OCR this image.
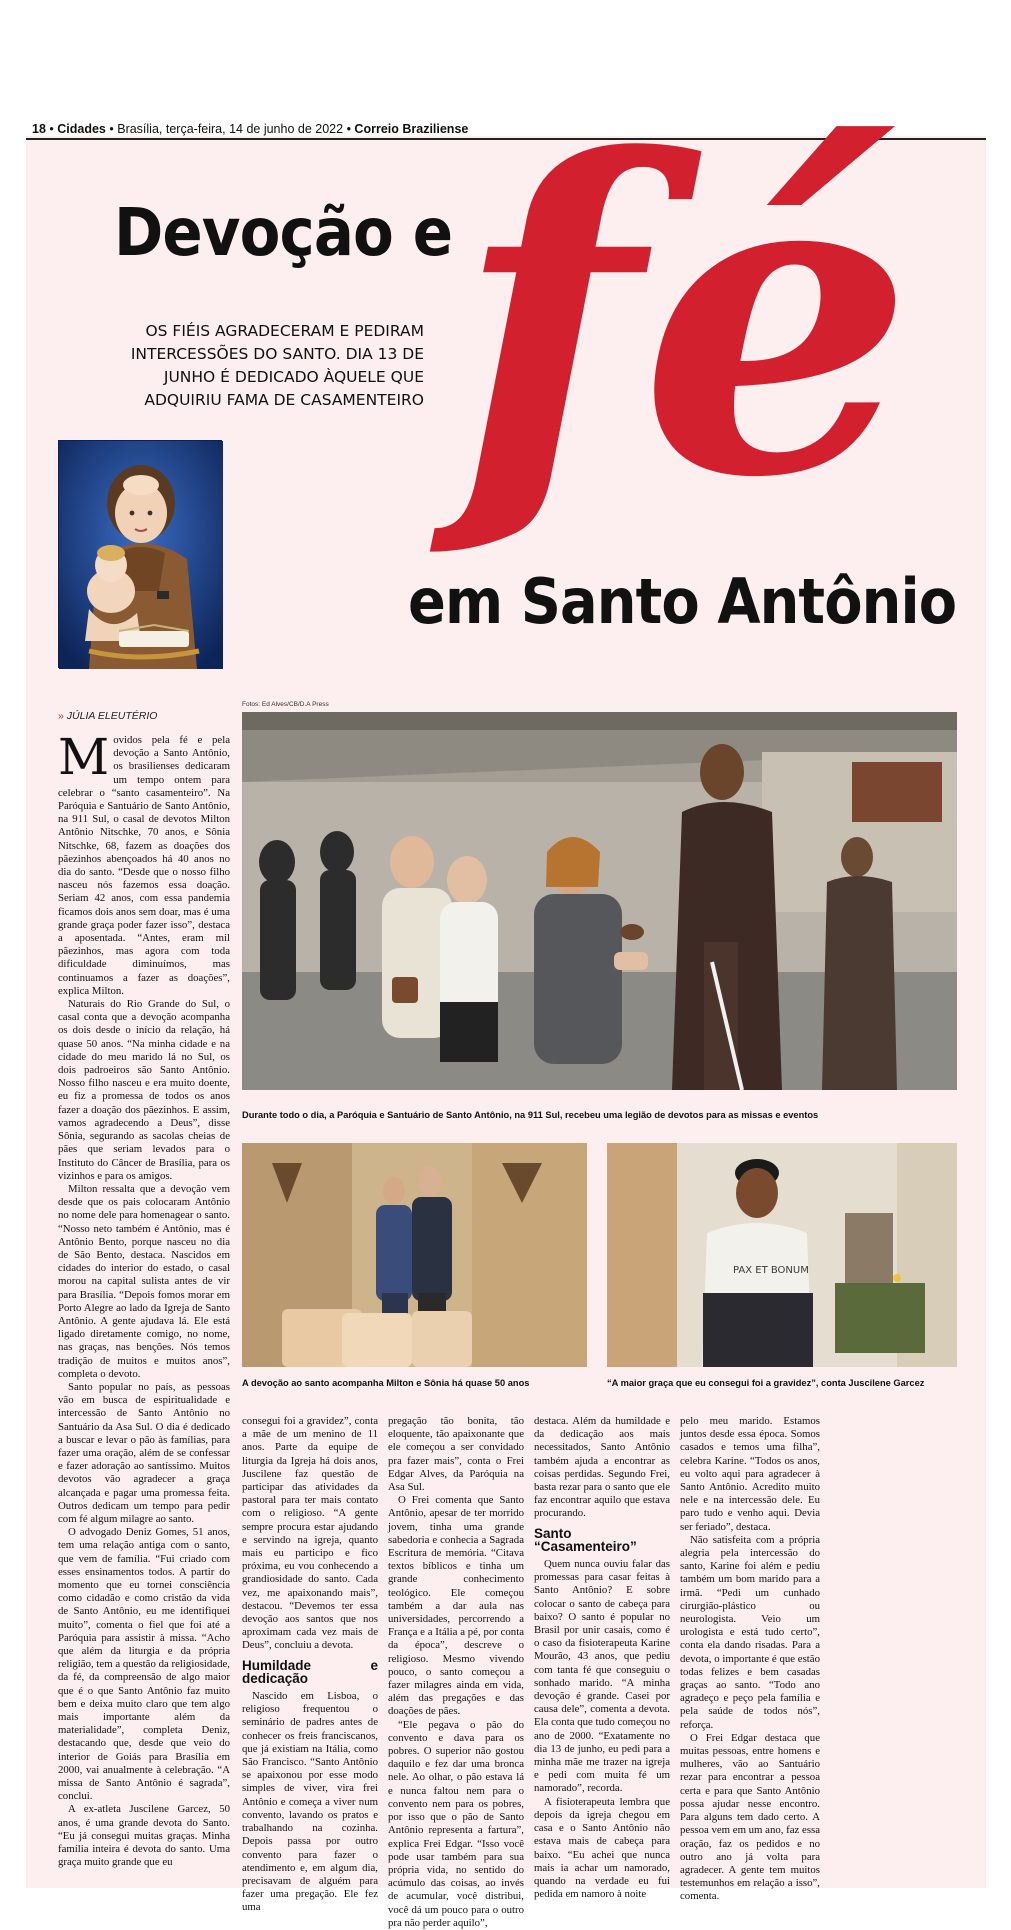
18 • Cidades • Brasília, terça-feira, 14 de junho de 2022 • Correio Braziliense
fé
Devoção e
em Santo Antônio
OS FIÉIS AGRADECERAM E PEDIRAM
INTERCESSÕES DO SANTO. DIA 13 DE
JUNHO É DEDICADO ÀQUELE QUE
ADQUIRIU FAMA DE CASAMENTEIRO
» JÚLIA ELEUTÉRIO
Fotos: Ed Alves/CB/D.A Press
Durante todo o dia, a Paróquia e Santuário de Santo Antônio, na 911 Sul, recebeu uma legião de devotos para as missas e eventos
A devoção ao santo acompanha Milton e Sônia há quase 50 anos
PAX ET BONUM
“A maior graça que eu consegui foi a gravidez”, conta Juscilene Garcez

Movidos pela fé e pela devoção a Santo Antônio, os brasilienses dedicaram um tempo ontem para celebrar o “santo casamenteiro”. Na Paróquia e Santuário de Santo Antônio, na 911 Sul, o casal de devotos Milton Antônio Nitschke, 70 anos, e Sônia Nitschke, 68, fazem as doações dos pãezinhos abençoados há 40 anos no dia do santo. “Desde que o nosso filho nasceu nós fazemos essa doação. Seriam 42 anos, com essa pandemia ficamos dois anos sem doar, mas é uma grande graça poder fazer isso”, destaca a aposentada. “Antes, eram mil pãezinhos, mas agora com toda dificuldade diminuímos, mas continuamos a fazer as doações”, explica Milton.

Naturais do Rio Grande do Sul, o casal conta que a devoção acompanha os dois desde o início da relação, há quase 50 anos. “Na minha cidade e na cidade do meu marido lá no Sul, os dois padroeiros são Santo Antônio. Nosso filho nasceu e era muito doente, eu fiz a promessa de todos os anos fazer a doação dos pãezinhos. E assim, vamos agradecendo a Deus”, disse Sônia, segurando as sacolas cheias de pães que seriam levados para o Instituto do Câncer de Brasília, para os vizinhos e para os amigos.

Milton ressalta que a devoção vem desde que os pais colocaram Antônio no nome dele para homenagear o santo. “Nosso neto também é Antônio, mas é Antônio Bento, porque nasceu no dia de São Bento, destaca. Nascidos em cidades do interior do estado, o casal morou na capital sulista antes de vir para Brasília. “Depois fomos morar em Porto Alegre ao lado da Igreja de Santo Antônio. A gente ajudava lá. Ele está ligado diretamente comigo, no nome, nas graças, nas benções. Nós temos tradição de muitos e muitos anos”, completa o devoto.

Santo popular no país, as pessoas vão em busca de espiritualidade e intercessão de Santo Antônio no Santuário da Asa Sul. O dia é dedicado a buscar e levar o pão às famílias, para fazer uma oração, além de se confessar e fazer adoração ao santíssimo. Muitos devotos vão agradecer a graça alcançada e pagar uma promessa feita. Outros dedicam um tempo para pedir com fé algum milagre ao santo.

O advogado Deniz Gomes, 51 anos, tem uma relação antiga com o santo, que vem de família. “Fui criado com esses ensinamentos todos. A partir do momento que eu tornei consciência como cidadão e como cristão da vida de Santo Antônio, eu me identifiquei muito”, comenta o fiel que foi até a Paróquia para assistir à missa. “Acho que além da liturgia e da própria religião, tem a questão da religiosidade, da fé, da compreensão de algo maior que é o que Santo Antônio faz muito bem e deixa muito claro que tem algo mais importante além da materialidade”, completa Deniz, destacando que, desde que veio do interior de Goiás para Brasília em 2000, vai anualmente à celebração. “A missa de Santo Antônio é sagrada”, conclui.

A ex-atleta Juscilene Garcez, 50 anos, é uma grande devota do Santo. “Eu já consegui muitas graças. Minha família inteira é devota do santo. Uma graça muito grande que eu

consegui foi a gravidez”, conta a mãe de um menino de 11 anos. Parte da equipe de liturgia da Igreja há dois anos, Juscilene faz questão de participar das atividades da pastoral para ter mais contato com o religioso. “A gente sempre procura estar ajudando e servindo na igreja, quanto mais eu participo e fico próxima, eu vou conhecendo a grandiosidade do santo. Cada vez, me apaixonando mais”, destacou. “Devemos ter essa devoção aos santos que nos aproximam cada vez mais de Deus”, concluiu a devota.

Humildade e dedicação

Nascido em Lisboa, o religioso frequentou o seminário de padres antes de conhecer os freis franciscanos, que já existiam na Itália, como São Francisco. “Santo Antônio se apaixonou por esse modo simples de viver, vira frei Antônio e começa a viver num convento, lavando os pratos e trabalhando na cozinha. Depois passa por outro convento para fazer o atendimento e, em algum dia, precisavam de alguém para fazer uma pregação. Ele fez uma

pregação tão bonita, tão eloquente, tão apaixonante que ele começou a ser convidado pra fazer mais”, conta o Frei Edgar Alves, da Paróquia na Asa Sul.

O Frei comenta que Santo Antônio, apesar de ter morrido jovem, tinha uma grande sabedoria e conhecia a Sagrada Escritura de memória. “Citava textos bíblicos e tinha um grande conhecimento teológico. Ele começou também a dar aula nas universidades, percorrendo a França e a Itália a pé, por conta da época”, descreve o religioso. Mesmo vivendo pouco, o santo começou a fazer milagres ainda em vida, além das pregações e das doações de pães.

“Ele pegava o pão do convento e dava para os pobres. O superior não gostou daquilo e fez dar uma bronca nele. Ao olhar, o pão estava lá e nunca faltou nem para o convento nem para os pobres, por isso que o pão de Santo Antônio representa a fartura”, explica Frei Edgar. “Isso você pode usar também para sua própria vida, no sentido do acúmulo das coisas, ao invés de acumular, você distribui, você dá um pouco para o outro pra não perder aquilo”,

destaca. Além da humildade e da dedicação aos mais necessitados, Santo Antônio também ajuda a encontrar as coisas perdidas. Segundo Frei, basta rezar para o santo que ele faz encontrar aquilo que estava procurando.

Santo “Casamenteiro”

Quem nunca ouviu falar das promessas para casar feitas à Santo Antônio? E sobre colocar o santo de cabeça para baixo? O santo é popular no Brasil por unir casais, como é o caso da fisioterapeuta Karine Mourão, 43 anos, que pediu com tanta fé que conseguiu o sonhado marido. “A minha devoção é grande. Casei por causa dele”, comenta a devota. Ela conta que tudo começou no ano de 2000. “Exatamente no dia 13 de junho, eu pedi para a minha mãe me trazer na igreja e pedi com muita fé um namorado”, recorda.

A fisioterapeuta lembra que depois da igreja chegou em casa e o Santo Antônio não estava mais de cabeça para baixo. “Eu achei que nunca mais ia achar um namorado, quando na verdade eu fui pedida em namoro à noite

pelo meu marido. Estamos juntos desde essa época. Somos casados e temos uma filha”, celebra Karine. “Todos os anos, eu volto aqui para agradecer à Santo Antônio. Acredito muito nele e na intercessão dele. Eu paro tudo e venho aqui. Devia ser feriado”, destaca.

Não satisfeita com a própria alegria pela intercessão do santo, Karine foi além e pediu também um bom marido para a irmã. “Pedi um cunhado cirurgião-plástico ou neurologista. Veio um urologista e está tudo certo”, conta ela dando risadas. Para a devota, o importante é que estão todas felizes e bem casadas graças ao santo. “Todo ano agradeço e peço pela família e pela saúde de todos nós”, reforça.

O Frei Edgar destaca que muitas pessoas, entre homens e mulheres, vão ao Santuário rezar para encontrar a pessoa certa e para que Santo Antônio possa ajudar nesse encontro. Para alguns tem dado certo. A pessoa vem em um ano, faz essa oração, faz os pedidos e no outro ano já volta para agradecer. A gente tem muitos testemunhos em relação a isso”, comenta.
